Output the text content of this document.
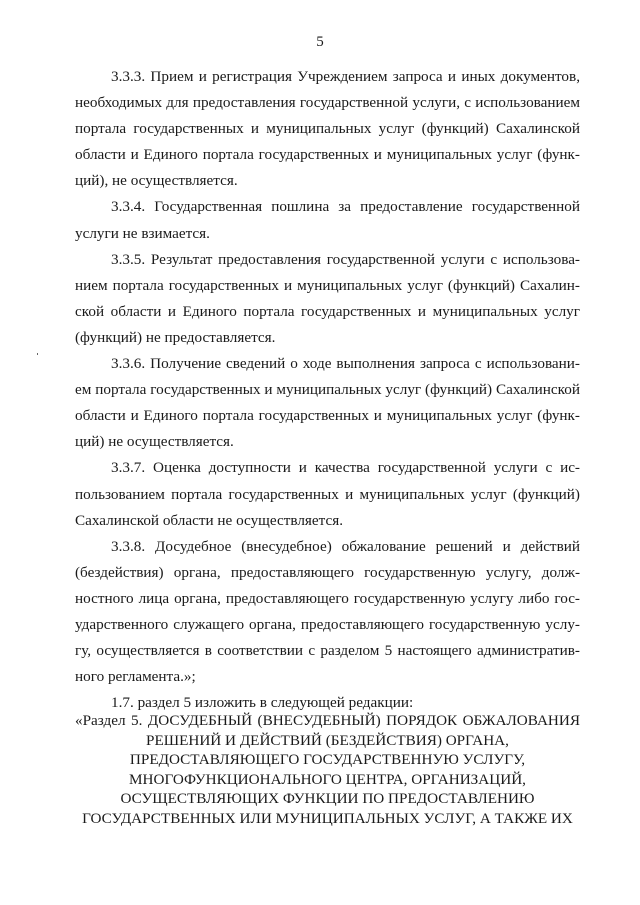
5
3.3.3. Прием и регистрация Учреждением запроса и иных документов,
необходимых для предоставления государственной услуги, с использованием
портала государственных и муниципальных услуг (функций) Сахалинской
области и Единого портала государственных и муниципальных услуг (функ-
ций), не осуществляется.
3.3.4. Государственная пошлина за предоставление государственной
услуги не взимается.
3.3.5. Результат предоставления государственной услуги с использова-
нием портала государственных и муниципальных услуг (функций) Сахалин-
ской области и Единого портала государственных и муниципальных услуг
(функций) не предоставляется.
3.3.6. Получение сведений о ходе выполнения запроса с использовани-
ем портала государственных и муниципальных услуг (функций) Сахалинской
области и Единого портала государственных и муниципальных услуг (функ-
ций) не осуществляется.
3.3.7. Оценка доступности и качества государственной услуги с ис-
пользованием портала государственных и муниципальных услуг (функций)
Сахалинской области не осуществляется.
3.3.8. Досудебное (внесудебное) обжалование решений и действий
(бездействия) органа, предоставляющего государственную услугу, долж-
ностного лица органа, предоставляющего государственную услугу либо гос-
ударственного служащего органа, предоставляющего государственную услу-
гу, осуществляется в соответствии с разделом 5 настоящего административ-
ного регламента.»;
1.7. раздел 5 изложить в следующей редакции:
«Раздел 5. ДОСУДЕБНЫЙ (ВНЕСУДЕБНЫЙ) ПОРЯДОК ОБЖАЛОВАНИЯ
РЕШЕНИЙ И ДЕЙСТВИЙ (БЕЗДЕЙСТВИЯ) ОРГАНА,
ПРЕДОСТАВЛЯЮЩЕГО ГОСУДАРСТВЕННУЮ УСЛУГУ,
МНОГОФУНКЦИОНАЛЬНОГО ЦЕНТРА, ОРГАНИЗАЦИЙ,
ОСУЩЕСТВЛЯЮЩИХ ФУНКЦИИ ПО ПРЕДОСТАВЛЕНИЮ
ГОСУДАРСТВЕННЫХ ИЛИ МУНИЦИПАЛЬНЫХ УСЛУГ, А ТАКЖЕ ИХ
